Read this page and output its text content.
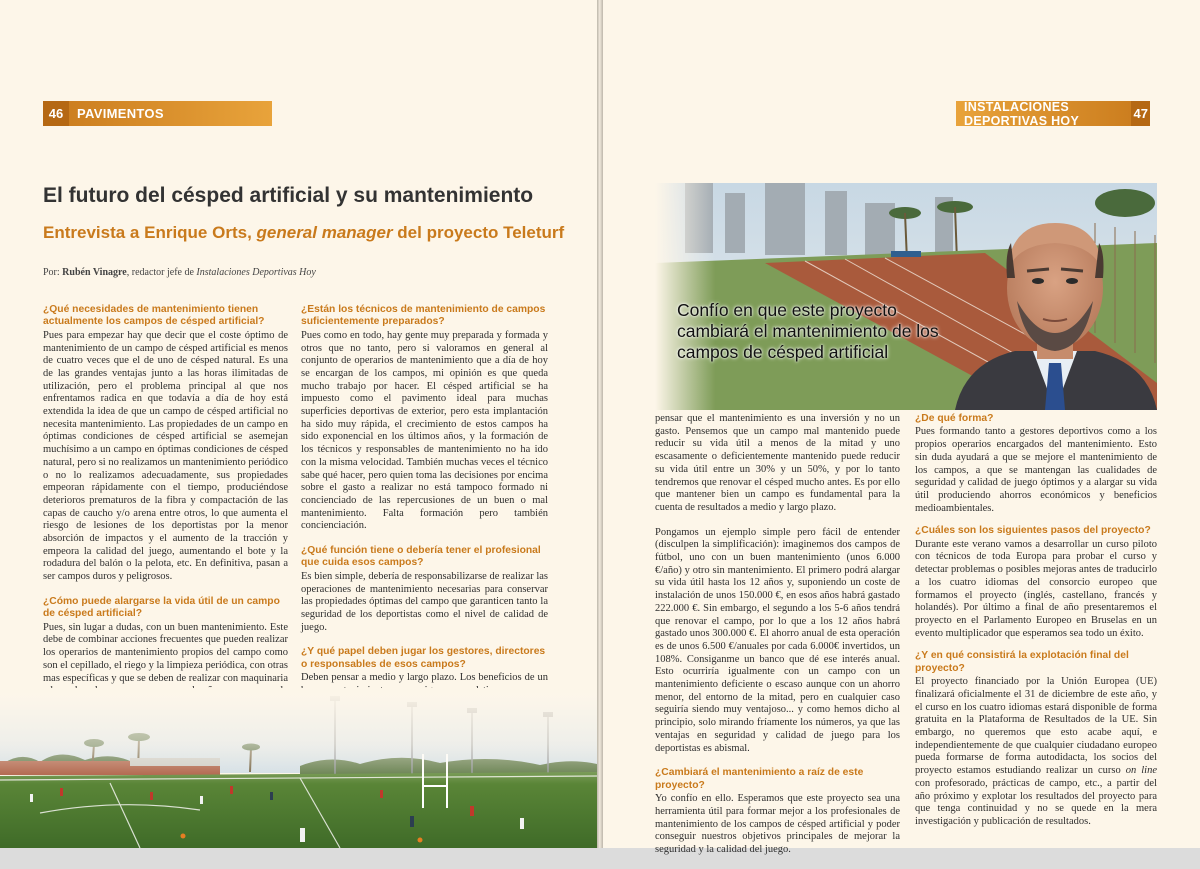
46	PAVIMENTOS
El futuro del césped artificial y su mantenimiento
Entrevista a Enrique Orts, general manager del proyecto Teleturf
Por: Rubén Vinagre, redactor jefe de Instalaciones Deportivas Hoy
¿Qué necesidades de mantenimiento tienen actualmente los campos de césped artificial?

Pues para empezar hay que decir que el coste óptimo de mantenimiento de un campo de césped artificial es menos de cuatro veces que el de uno de césped natural. Es una de las grandes ventajas junto a las horas ilimitadas de utilización, pero el problema principal al que nos enfrentamos radica en que todavía a día de hoy está extendida la idea de que un campo de césped artificial no necesita mantenimiento. Las propiedades de un campo en óptimas condiciones de césped artificial se asemejan muchísimo a un campo en óptimas condiciones de césped natural, pero si no realizamos un mantenimiento periódico o no lo realizamos adecuadamente, sus propiedades empeoran rápidamente con el tiempo, produciéndose deterioros prematuros de la fibra y compactación de las capas de caucho y/o arena entre otros, lo que aumenta el riesgo de lesiones de los deportistas por la menor absorción de impactos y el aumento de la tracción y empeora la calidad del juego, aumentando el bote y la rodadura del balón o la pelota, etc. En definitiva, pasan a ser campos duros y peligrosos.

¿Cómo puede alargarse la vida útil de un campo de césped artificial?

Pues, sin lugar a dudas, con un buen mantenimiento. Este debe de combinar acciones frecuentes que pueden realizar los operarios de mantenimiento propios del campo como son el cepillado, el riego y la limpieza periódica, con otras mas específicas y que se deben de realizar con maquinaria

¿Están los técnicos de mantenimiento de campos suficientemente preparados?

Pues como en todo, hay gente muy preparada y formada y otros que no tanto, pero si valoramos en general al conjunto de operarios de mantenimiento que a día de hoy se encargan de los campos, mi opinión es que queda mucho trabajo por hacer. El césped artificial se ha impuesto como el pavimento ideal para muchas superficies deportivas de exterior, pero esta implantación ha sido muy rápida, el crecimiento de estos campos ha sido exponencial en los últimos años, y la formación de los técnicos y responsables de mantenimiento no ha ido con la misma velocidad. También muchas veces el técnico sabe qué hacer, pero quien toma las decisiones por encima sobre el gasto a realizar no está tampoco formado ni concienciado de las repercusiones de un buen o mal mantenimiento. Falta formación pero también concienciación.

¿Qué función tiene o debería tener el profesional que cuida esos campos?

Es bien simple, debería de responsabilizarse de realizar las operaciones de mantenimiento necesarias para conservar las propiedades óptimas del campo que garanticen tanto la seguridad de los deportistas como el nivel de calidad de juego.

¿Y qué papel deben jugar los gestores, directores o responsables de esos campos?

Deben pensar a medio y largo plazo. Los beneficios de un

INSTALACIONES DEPORTIVAS HOY	47
Confío en que este proyecto cambiará el mantenimiento de los campos de césped artificial

pensar que el mantenimiento es una inversión y no un gasto. Pensemos que un campo mal mantenido puede reducir su vida útil a menos de la mitad y uno escasamente o deficientemente mantenido puede reducir su vida útil entre un 30% y un 50%, y por lo tanto tendremos que renovar el césped mucho antes. Es por ello que mantener bien un campo es fundamental para la cuenta de resultados a medio y largo plazo.

Pongamos un ejemplo simple pero fácil de entender (disculpen la simplificación): imaginemos dos campos de fútbol, uno con un buen mantenimiento (unos 6.000 €/año) y otro sin mantenimiento. El primero podrá alargar su vida útil hasta los 12 años y, suponiendo un coste de instalación de unos 150.000 €, en esos años habrá gastado 222.000 €. Sin embargo, el segundo a los 5-6 años tendrá que renovar el campo, por lo que a los 12 años habrá gastado unos 300.000 €. El ahorro anual de esta operación es de unos 6.500 €/anuales por cada 6.000€ invertidos, un 108%. Consiganme un banco que dé ese interés anual. Esto ocurriría igualmente con un campo con un mantenimiento deficiente o escaso aunque con un ahorro menor, del entorno de la mitad, pero en cualquier caso seguiría siendo muy ventajoso... y como hemos dicho al principio, solo mirando fríamente los números, ya que las ventajas en seguridad y calidad de juego para los deportistas es abismal.

¿Cambiará el mantenimiento a raíz de este proyecto?

Yo confío en ello. Esperamos que este proyecto sea una herramienta útil para formar mejor a los profesionales de mantenimiento de los campos de césped artificial y poder conseguir nuestros objetivos principales de mejorar la seguridad y la calidad del juego.

¿De qué forma?

Pues formando tanto a gestores deportivos como a los propios operarios encargados del mantenimiento. Esto sin duda ayudará a que se mejore el mantenimiento de los campos, a que se mantengan las cualidades de seguridad y calidad de juego óptimos y a alargar su vida útil produciendo ahorros económicos y beneficios medioambientales.

¿Cuáles son los siguientes pasos del proyecto?

Durante este verano vamos a desarrollar un curso piloto con técnicos de toda Europa para probar el curso y detectar problemas o posibles mejoras antes de traducirlo a los cuatro idiomas del consorcio europeo que formamos el proyecto (inglés, castellano, francés y holandés). Por último a final de año presentaremos el proyecto en el Parlamento Europeo en Bruselas en un evento multiplicador que esperamos sea todo un éxito.

¿Y en qué consistirá la explotación final del proyecto?

El proyecto financiado por la Unión Europea (UE) finalizará oficialmente el 31 de diciembre de este año, y el curso en los cuatro idiomas estará disponible de forma gratuita en la Plataforma de Resultados de la UE. Sin embargo, no queremos que esto acabe aquí, e independientemente de que cualquier ciudadano europeo pueda formarse de forma autodidacta, los socios del proyecto estamos estudiando realizar un curso on line con profesorado, prácticas de campo, etc., a partir del año próximo y explotar los resultados del proyecto para que tenga continuidad y no se quede en la mera investigación y publicación de resultados.
